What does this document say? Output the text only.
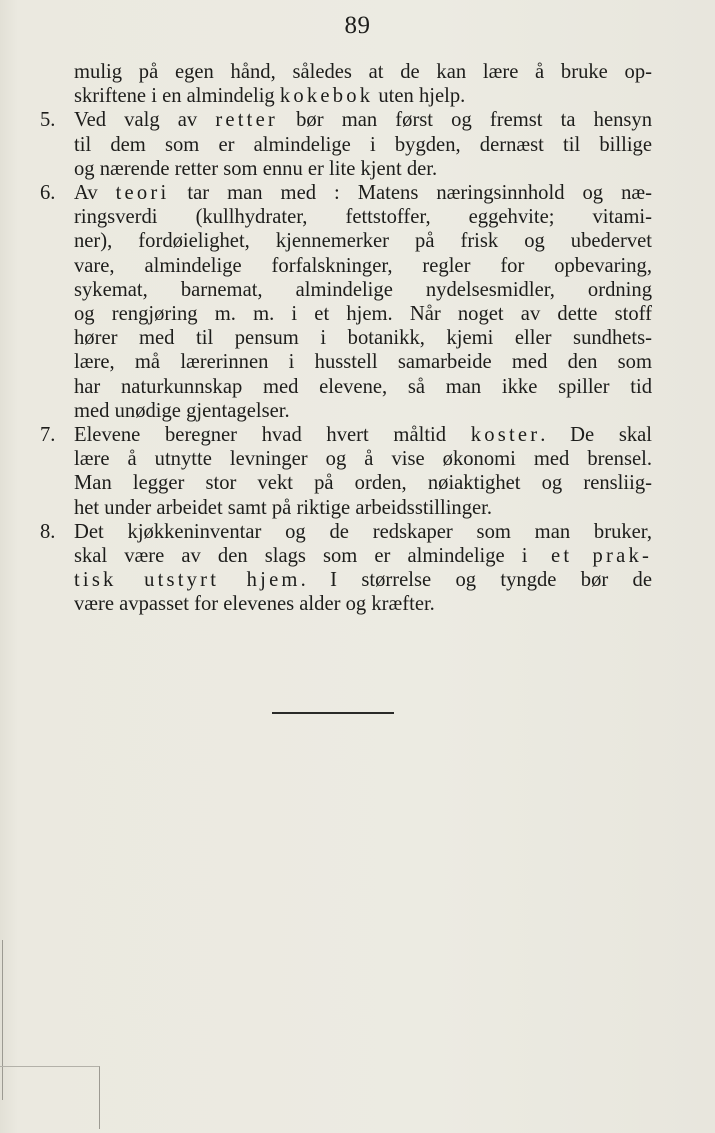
89
mulig på egen hånd, således at de kan lære å bruke op-
skriftene i en almindelig kokebok uten hjelp.
5. Ved valg av retter bør man først og fremst ta hensyn
til dem som er almindelige i bygden, dernæst til billige
og nærende retter som ennu er lite kjent der.
6. Av teori tar man med : Matens næringsinnhold og næ-
ringsverdi (kullhydrater, fettstoffer, eggehvite; vitami-
ner), fordøielighet, kjennemerker på frisk og ubedervet
vare, almindelige forfalskninger, regler for opbevaring,
sykemat, barnemat, almindelige nydelsesmidler, ordning
og rengjøring m. m. i et hjem. Når noget av dette stoff
hører med til pensum i botanikk, kjemi eller sundhets-
lære, må lærerinnen i husstell samarbeide med den som
har naturkunnskap med elevene, så man ikke spiller tid
med unødige gjentagelser.
7. Elevene beregner hvad hvert måltid koster. De skal
lære å utnytte levninger og å vise økonomi med brensel.
Man legger stor vekt på orden, nøiaktighet og rensliig-
het under arbeidet samt på riktige arbeidsstillinger.
8. Det kjøkkeninventar og de redskaper som man bruker,
skal være av den slags som er almindelige i et prak-
tisk utstyrt hjem. I størrelse og tyngde bør de
være avpasset for elevenes alder og kræfter.
